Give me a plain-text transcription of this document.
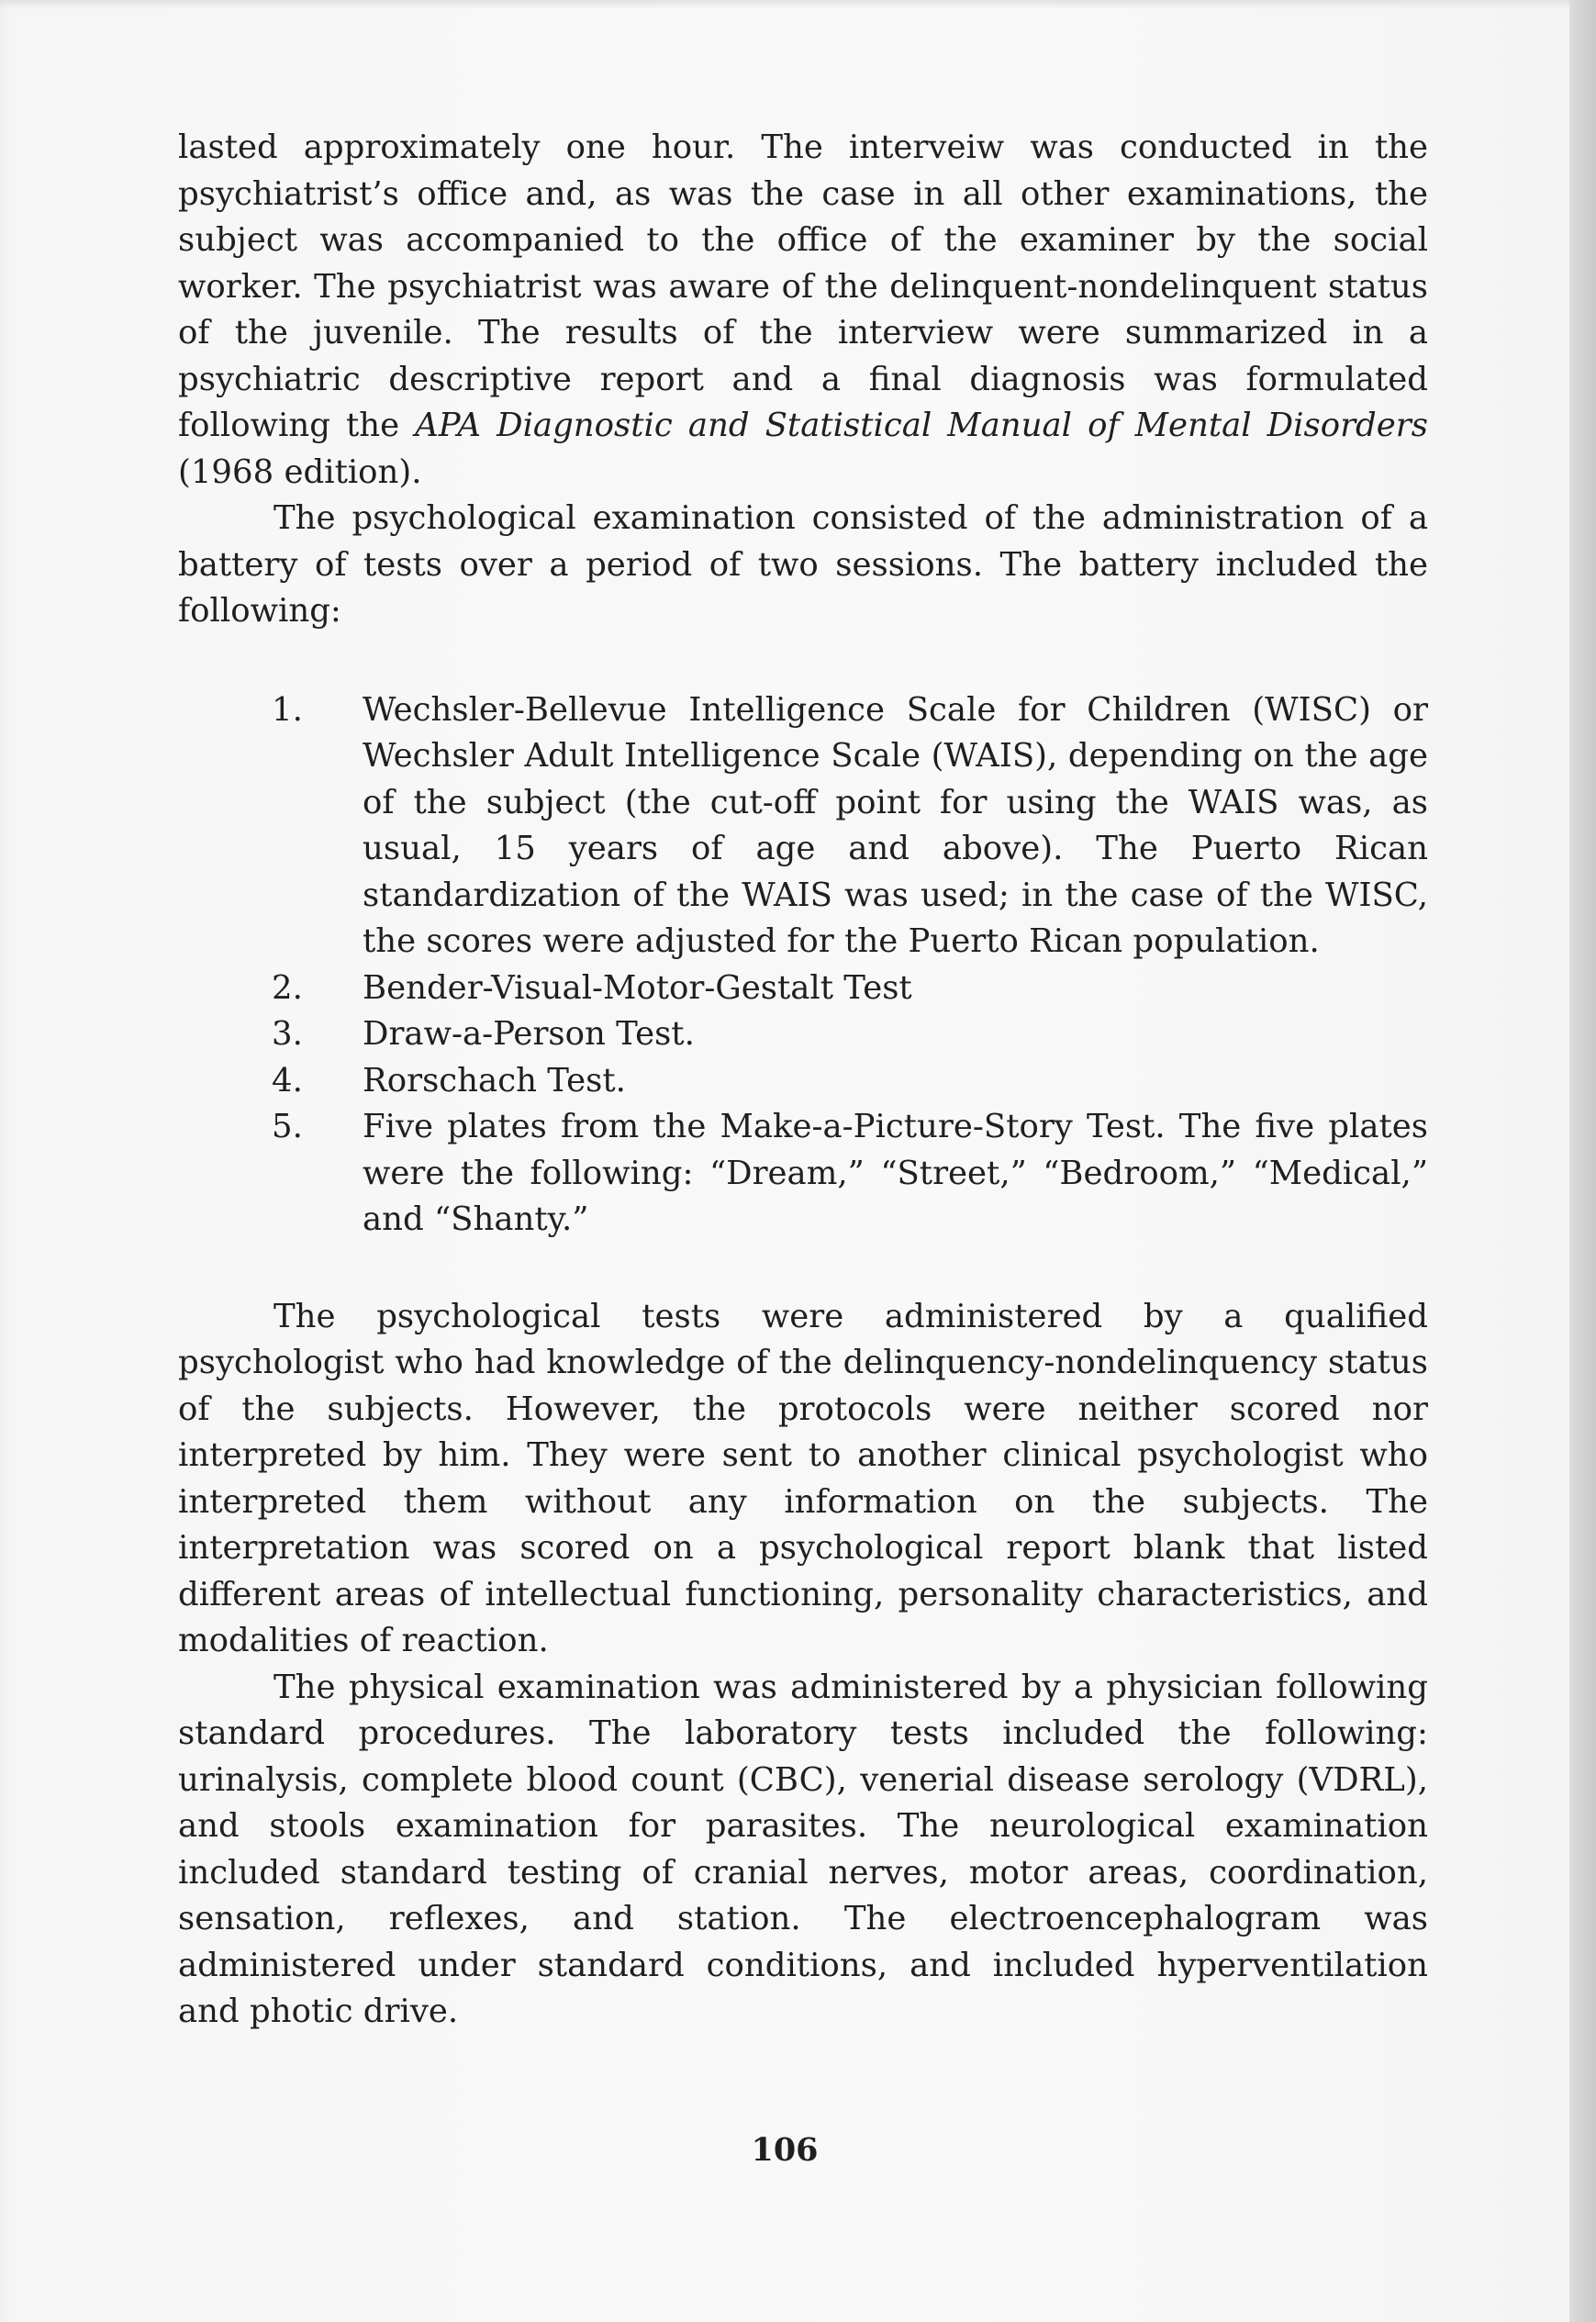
lasted approximately one hour. The interveiw was conducted in the psychiatrist’s office and, as was the case in all other examinations, the subject was accompanied to the office of the examiner by the social worker. The psychiatrist was aware of the delinquent-nondelinquent status of the juvenile. The results of the interview were summarized in a psychiatric descriptive report and a final diagnosis was formulated following the APA Diagnostic and Statistical Manual of Mental Disorders (1968 edition).

The psychological examination consisted of the administration of a battery of tests over a period of two sessions. The battery included the following:

1. Wechsler-Bellevue Intelligence Scale for Children (WISC) or Wechsler Adult Intelligence Scale (WAIS), depending on the age of the subject (the cut-off point for using the WAIS was, as usual, 15 years of age and above). The Puerto Rican standardization of the WAIS was used; in the case of the WISC, the scores were adjusted for the Puerto Rican population.
2. Bender-Visual-Motor-Gestalt Test
3. Draw-a-Person Test.
4. Rorschach Test.
5. Five plates from the Make-a-Picture-Story Test. The five plates were the following: “Dream,” “Street,” “Bedroom,” “Medical,” and “Shanty.”

The psychological tests were administered by a qualified psychologist who had knowledge of the delinquency-nondelinquency status of the subjects. However, the protocols were neither scored nor interpreted by him. They were sent to another clinical psychologist who interpreted them without any information on the subjects. The interpretation was scored on a psychological report blank that listed different areas of intellectual functioning, personality characteristics, and modalities of reaction.

The physical examination was administered by a physician following standard procedures. The laboratory tests included the following: urinalysis, complete blood count (CBC), venerial disease serology (VDRL), and stools examination for parasites. The neurological examination included standard testing of cranial nerves, motor areas, coordination, sensation, reflexes, and station. The electroencephalogram was administered under standard conditions, and included hyperventilation and photic drive.

106
